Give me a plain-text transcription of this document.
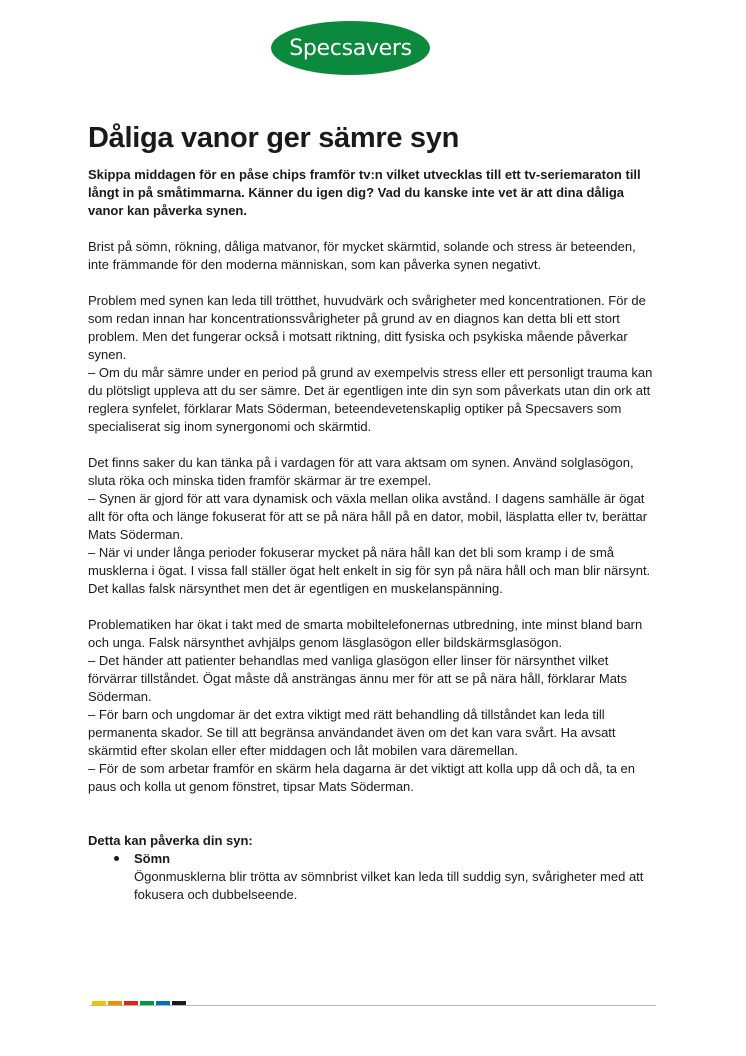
Specsavers
Dåliga vanor ger sämre syn

Skippa middagen för en påse chips framför tv:n vilket utvecklas till ett tv-seriemaraton till långt in på småtimmarna. Känner du igen dig? Vad du kanske inte vet är att dina dåliga vanor kan påverka synen.

Brist på sömn, rökning, dåliga matvanor, för mycket skärmtid, solande och stress är beteenden, inte främmande för den moderna människan, som kan påverka synen negativt.

Problem med synen kan leda till trötthet, huvudvärk och svårigheter med koncentrationen. För de som redan innan har koncentrationssvårigheter på grund av en diagnos kan detta bli ett stort problem. Men det fungerar också i motsatt riktning, ditt fysiska och psykiska mående påverkar synen.

– Om du mår sämre under en period på grund av exempelvis stress eller ett personligt trauma kan du plötsligt uppleva att du ser sämre. Det är egentligen inte din syn som påverkats utan din ork att reglera synfelet, förklarar Mats Söderman, beteendevetenskaplig optiker på Specsavers som specialiserat sig inom synergonomi och skärmtid.

Det finns saker du kan tänka på i vardagen för att vara aktsam om synen. Använd solglasögon, sluta röka och minska tiden framför skärmar är tre exempel.

– Synen är gjord för att vara dynamisk och växla mellan olika avstånd. I dagens samhälle är ögat allt för ofta och länge fokuserat för att se på nära håll på en dator, mobil, läsplatta eller tv, berättar Mats Söderman.

– När vi under långa perioder fokuserar mycket på nära håll kan det bli som kramp i de små musklerna i ögat. I vissa fall ställer ögat helt enkelt in sig för syn på nära håll och man blir närsynt. Det kallas falsk närsynthet men det är egentligen en muskelanspänning.

Problematiken har ökat i takt med de smarta mobiltelefonernas utbredning, inte minst bland barn och unga. Falsk närsynthet avhjälps genom läsglasögon eller bildskärmsglasögon.

– Det händer att patienter behandlas med vanliga glasögon eller linser för närsynthet vilket förvärrar tillståndet. Ögat måste då ansträngas ännu mer för att se på nära håll, förklarar Mats Söderman.

– För barn och ungdomar är det extra viktigt med rätt behandling då tillståndet kan leda till permanenta skador. Se till att begränsa användandet även om det kan vara svårt. Ha avsatt skärmtid efter skolan eller efter middagen och låt mobilen vara däremellan.

– För de som arbetar framför en skärm hela dagarna är det viktigt att kolla upp då och då, ta en paus och kolla ut genom fönstret, tipsar Mats Söderman.

Detta kan påverka din syn:

Sömn
Ögonmusklerna blir trötta av sömnbrist vilket kan leda till suddig syn, svårigheter med att fokusera och dubbelseende.
